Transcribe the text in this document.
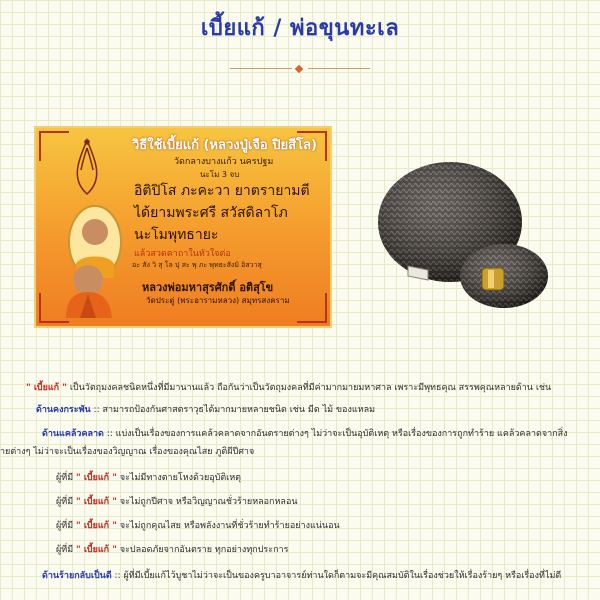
เบี้ยแก้ / พ่อขุนทะเล
วิธีใช้เบี้ยแก้ (หลวงปู่เจือ ปิยสีโล)
วัดกลางบางแก้ว นครปฐม
นะโม 3 จบ
อิติปิโส ภะคะวา ยาตรายามตี
ได้ยามพระศรี สวัสดิลาโภ
นะโมพุทธายะ
แล้วสวดคาถาในหัวใจต่อ
อะ สัง วิ สุ โล ปุ สะ พุ ภะ พุทธะสังมิ อิสวาสุ
หลวงพ่อมหาสุรศักดิ์ อติสุโข
วัดประดู่ (พระอารามหลวง) สมุทรสงคราม
" เบี้ยแก้ " เป็นวัตถุมงคลชนิดหนึ่งที่มีมานานแล้ว ถือกันว่าเป็นวัตถุมงคลที่มีค่ามากมายมหาศาล เพราะมีพุทธคุณ สรรพคุณหลายด้าน เช่น
ด้านคงกระพัน :: สามารถป้องกันศาสตราวุธได้มากมายหลายชนิด เช่น มีด ไม้ ของแหลม
ด้านแคล้วคลาด :: แบ่งเป็นเรื่องของการแคล้วคลาดจากอันตรายต่างๆ ไม่ว่าจะเป็นอุบัติเหตุ หรือเรื่องของการถูกทำร้าย แคล้วคลาดจากสิ่ง
ายต่างๆ ไม่ว่าจะเป็นเรื่องของวิญญาณ เรื่องของคุณไสย ภูติผีปีศาจ
ผู้ที่มี " เบี้ยแก้ " จะไม่มีทางตายโหงด้วยอุบัติเหตุ
ผู้ที่มี " เบี้ยแก้ " จะไม่ถูกปีศาจ หรือวิญญาณชั่วร้ายหลอกหลอน
ผู้ที่มี " เบี้ยแก้ " จะไม่ถูกคุณไสย หรือพลังงานที่ชั่วร้ายทำร้ายอย่างแน่นอน
ผู้ที่มี " เบี้ยแก้ " จะปลอดภัยจากอันตราย ทุกอย่างทุกประการ
ด้านร้ายกลับเป็นดี :: ผู้ที่มีเบี้ยแก้ไว้บูชาไม่ว่าจะเป็นของครูบาอาจารย์ท่านใดก็ตามจะมีคุณสมบัติในเรื่องช่วยให้เรื่องร้ายๆ หรือเรื่องที่ไม่ดี
